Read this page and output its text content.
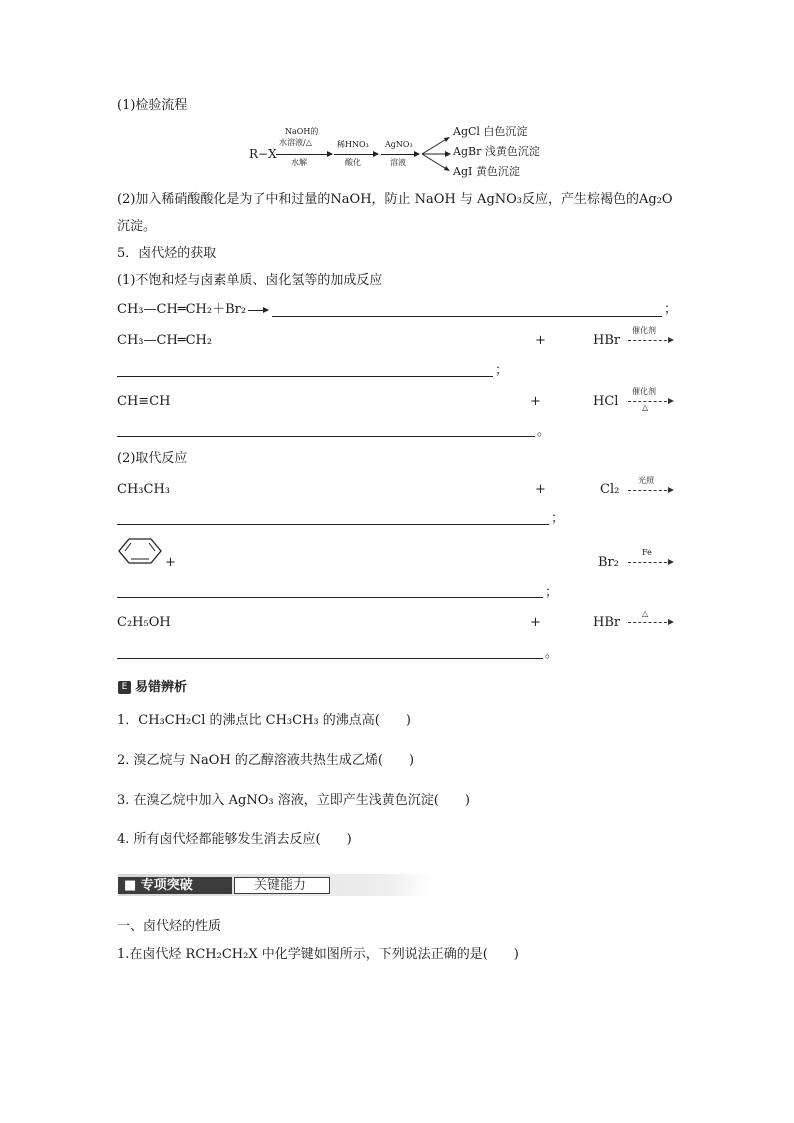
(1)检验流程
R−X
NaOH的
水溶液/△
水解
稀HNO₃
酸化
AgNO₃
溶液
AgCl 白色沉淀
AgBr 浅黄色沉淀
AgI 黄色沉淀
(2)加入稀硝酸酸化是为了中和过量的NaOH，防止 NaOH 与 AgNO₃反应，产生棕褐色的Ag₂O
沉淀。
5．卤代烃的获取
(1)不饱和烃与卤素单质、卤化氢等的加成反应
CH₃—CH═CH₂＋Br₂ →	；
CH₃—CH═CH₂	+	HBr
催化剂
；
CH≡CH	+	HCl
催化剂
△
。
(2)取代反应
CH₃CH₃	+	Cl₂
光照
；
+	Br₂
Fe
；
C₂H₅OH	+	HBr
△
。
E 易错辨析
1．CH₃CH₂Cl 的沸点比 CH₃CH₃ 的沸点高(　　)
2. 溴乙烷与 NaOH 的乙醇溶液共热生成乙烯(　　)
3. 在溴乙烷中加入 AgNO₃ 溶液，立即产生浅黄色沉淀(　　)
4. 所有卤代烃都能够发生消去反应(　　)
■ 专项突破	关键能力
一、卤代烃的性质
1.在卤代烃 RCH₂CH₂X 中化学键如图所示，下列说法正确的是(　　)
